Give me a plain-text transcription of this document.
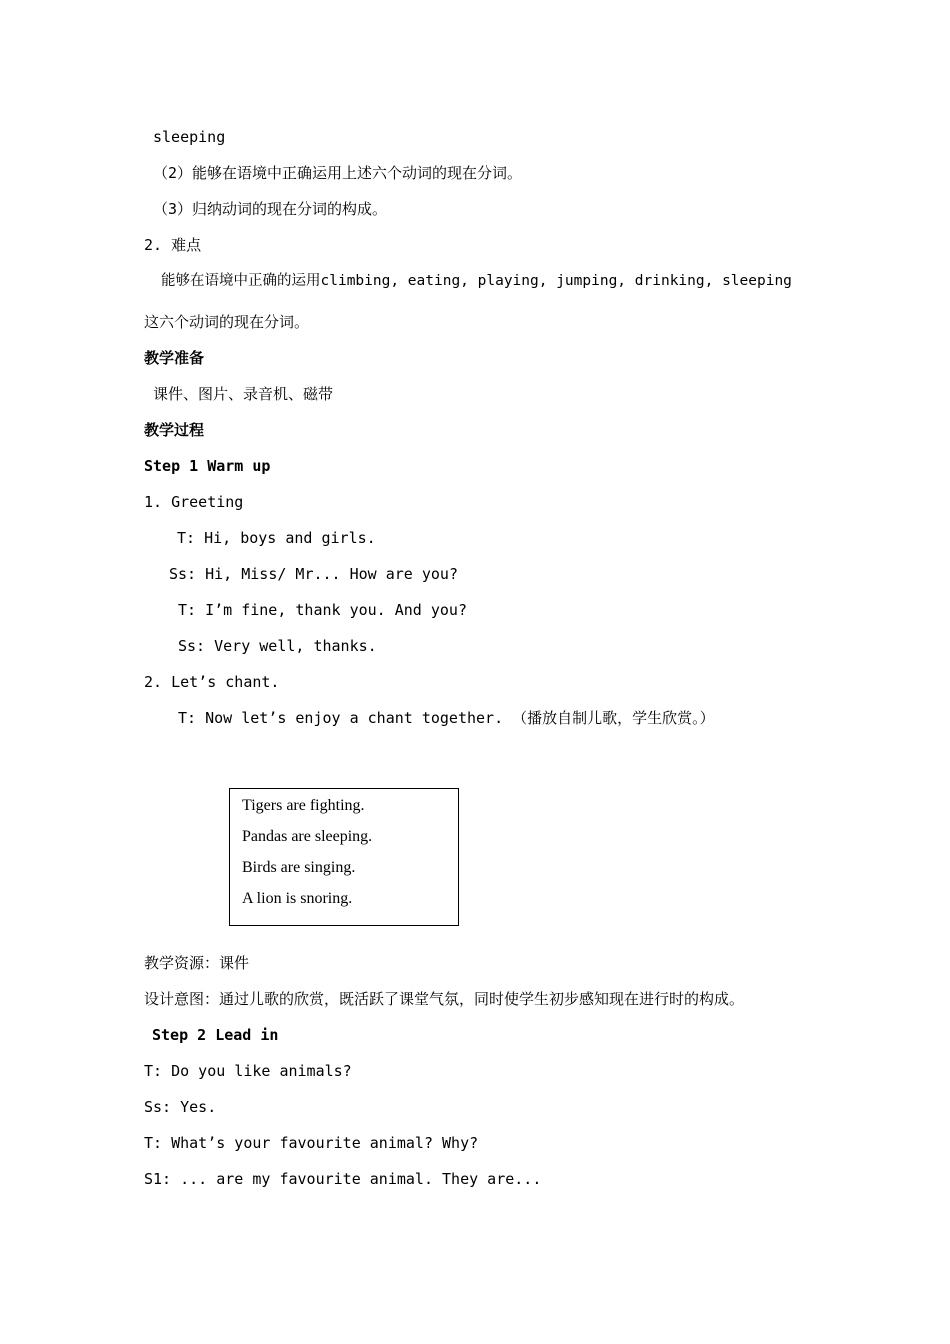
sleeping
（2）能够在语境中正确运用上述六个动词的现在分词。
（3）归纳动词的现在分词的构成。
2. 难点
能够在语境中正确的运用climbing, eating, playing, jumping, drinking, sleeping
这六个动词的现在分词。
教学准备
课件、图片、录音机、磁带
教学过程
Step 1 Warm up
1. Greeting
T: Hi, boys and girls.
Ss: Hi, Miss/ Mr... How are you?
T: I’m fine, thank you. And you?
Ss: Very well, thanks.
2. Let’s chant.
T: Now let’s enjoy a chant together. （播放自制儿歌，学生欣赏。）
Tigers are fighting.
Pandas are sleeping.
Birds are singing.
A lion is snoring.
教学资源：课件
设计意图：通过儿歌的欣赏，既活跃了课堂气氛，同时使学生初步感知现在进行时的构成。
Step 2 Lead in
T: Do you like animals?
Ss: Yes.
T: What’s your favourite animal? Why?
S1: ... are my favourite animal. They are...
